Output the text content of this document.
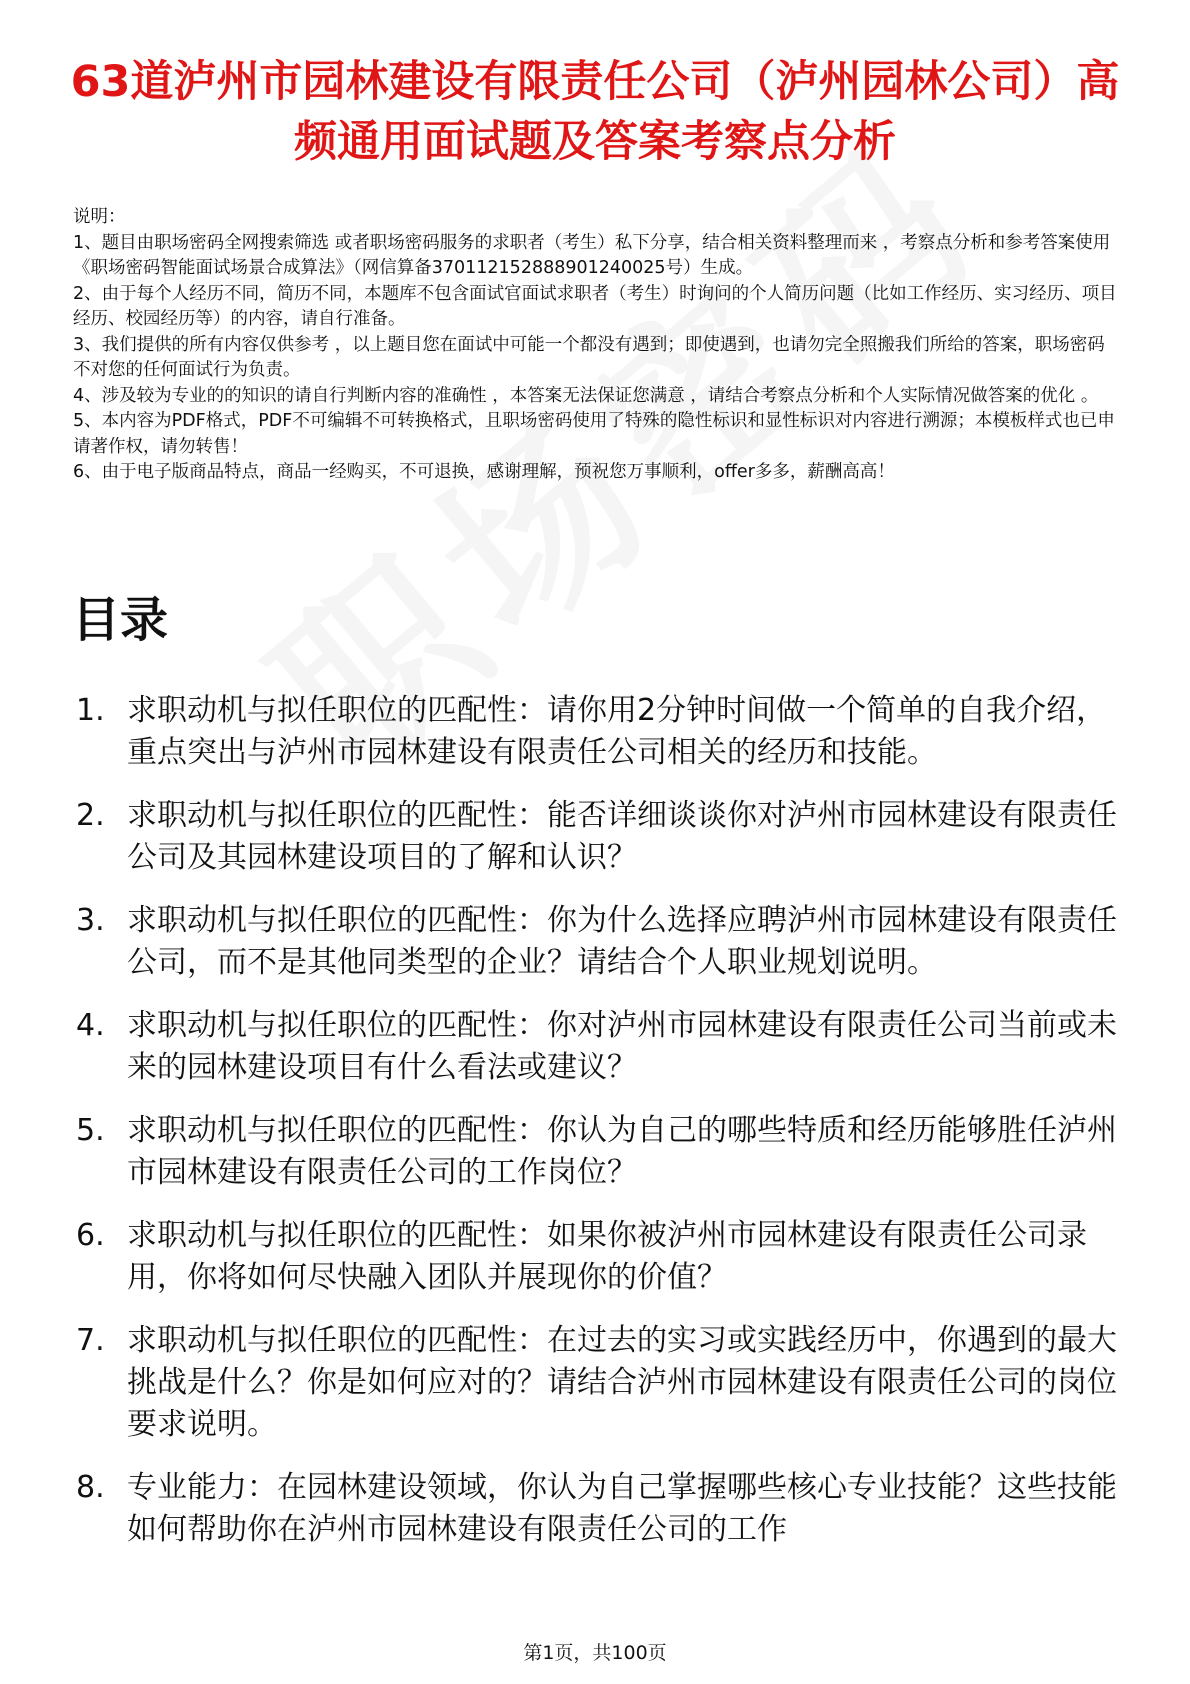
63道泸州市园林建设有限责任公司（泸州园林公司）高频通用面试题及答案考察点分析

说明：

1、题目由职场密码全网搜索筛选 或者职场密码服务的求职者（考生）私下分享，结合相关资料整理而来 ，考察点分析和参考答案使用《职场密码智能面试场景合成算法》（网信算备370112152888901240025号）生成。

2、由于每个人经历不同，简历不同，本题库不包含面试官面试求职者（考生）时询问的个人简历问题（比如工作经历、实习经历、项目经历、校园经历等）的内容，请自行准备。

3、我们提供的所有内容仅供参考 ，以上题目您在面试中可能一个都没有遇到；即使遇到，也请勿完全照搬我们所给的答案，职场密码不对您的任何面试行为负责。

4、涉及较为专业的的知识的请自行判断内容的准确性 ，本答案无法保证您满意 ，请结合考察点分析和个人实际情况做答案的优化 。

5、本内容为PDF格式，PDF不可编辑不可转换格式，且职场密码使用了特殊的隐性标识和显性标识对内容进行溯源；本模板样式也已申请著作权，请勿转售！

6、由于电子版商品特点，商品一经购买，不可退换，感谢理解，预祝您万事顺利，offer多多，薪酬高高！

目录
1. 求职动机与拟任职位的匹配性：请你用2分钟时间做一个简单的自我介绍，重点突出与泸州市园林建设有限责任公司相关的经历和技能。
2. 求职动机与拟任职位的匹配性：能否详细谈谈你对泸州市园林建设有限责任公司及其园林建设项目的了解和认识？
3. 求职动机与拟任职位的匹配性：你为什么选择应聘泸州市园林建设有限责任公司，而不是其他同类型的企业？请结合个人职业规划说明。
4. 求职动机与拟任职位的匹配性：你对泸州市园林建设有限责任公司当前或未来的园林建设项目有什么看法或建议？
5. 求职动机与拟任职位的匹配性：你认为自己的哪些特质和经历能够胜任泸州市园林建设有限责任公司的工作岗位？
6. 求职动机与拟任职位的匹配性：如果你被泸州市园林建设有限责任公司录用，你将如何尽快融入团队并展现你的价值？
7. 求职动机与拟任职位的匹配性：在过去的实习或实践经历中，你遇到的最大挑战是什么？你是如何应对的？请结合泸州市园林建设有限责任公司的岗位要求说明。
8. 专业能力：在园林建设领域，你认为自己掌握哪些核心专业技能？这些技能如何帮助你在泸州市园林建设有限责任公司的工作
第1页，共100页
